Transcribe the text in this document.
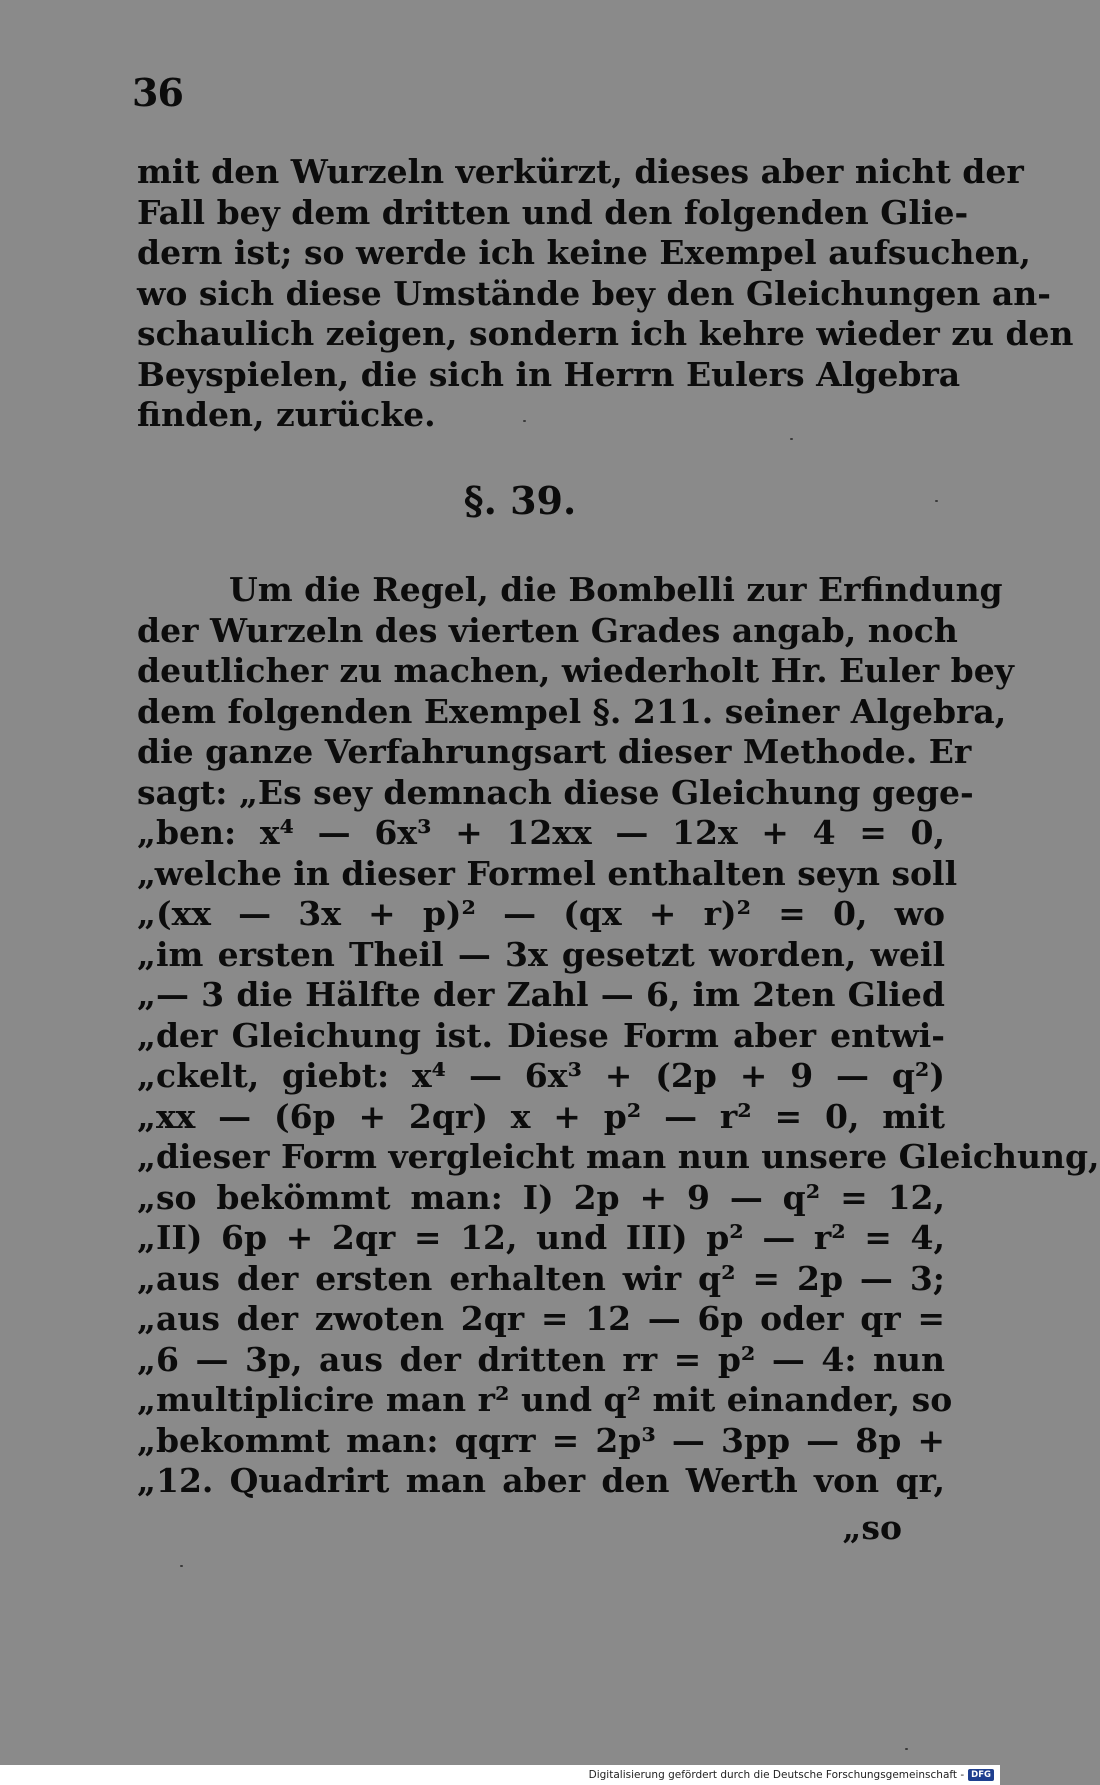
36
mit den Wurzeln verkürzt, dieses aber nicht der
Fall bey dem dritten und den folgenden Glie-
dern ist; so werde ich keine Exempel aufsuchen,
wo sich diese Umstände bey den Gleichungen an-
schaulich zeigen, sondern ich kehre wieder zu den
Beyspielen, die sich in Herrn Eulers Algebra
finden, zurücke.
§. 39.
Um die Regel, die Bombelli zur Erfindung
der Wurzeln des vierten Grades angab, noch
deutlicher zu machen, wiederholt Hr. Euler bey
dem folgenden Exempel §. 211. seiner Algebra,
die ganze Verfahrungsart dieser Methode. Er
sagt: „Es sey demnach diese Gleichung gege-
„ben: x⁴ — 6x³ + 12xx — 12x + 4 = 0,
„welche in dieser Formel enthalten seyn soll
„(xx — 3x + p)² — (qx + r)² = 0, wo
„im ersten Theil — 3x gesetzt worden, weil
„— 3 die Hälfte der Zahl — 6, im 2ten Glied
„der Gleichung ist. Diese Form aber entwi-
„ckelt, giebt: x⁴ — 6x³ + (2p + 9 — q²)
„xx — (6p + 2qr) x + p² — r² = 0, mit
„dieser Form vergleicht man nun unsere Gleichung,
„so bekömmt man: I) 2p + 9 — q² = 12,
„II) 6p + 2qr = 12, und III) p² — r² = 4,
„aus der ersten erhalten wir q² = 2p — 3;
„aus der zwoten 2qr = 12 — 6p oder qr =
„6 — 3p, aus der dritten rr = p² — 4: nun
„multiplicire man r² und q² mit einander, so
„bekommt man: qqrr = 2p³ — 3pp — 8p +
„12. Quadrirt man aber den Werth von qr,
„so
Digitalisierung gefördert durch die Deutsche Forschungsgemeinschaft - DFG
